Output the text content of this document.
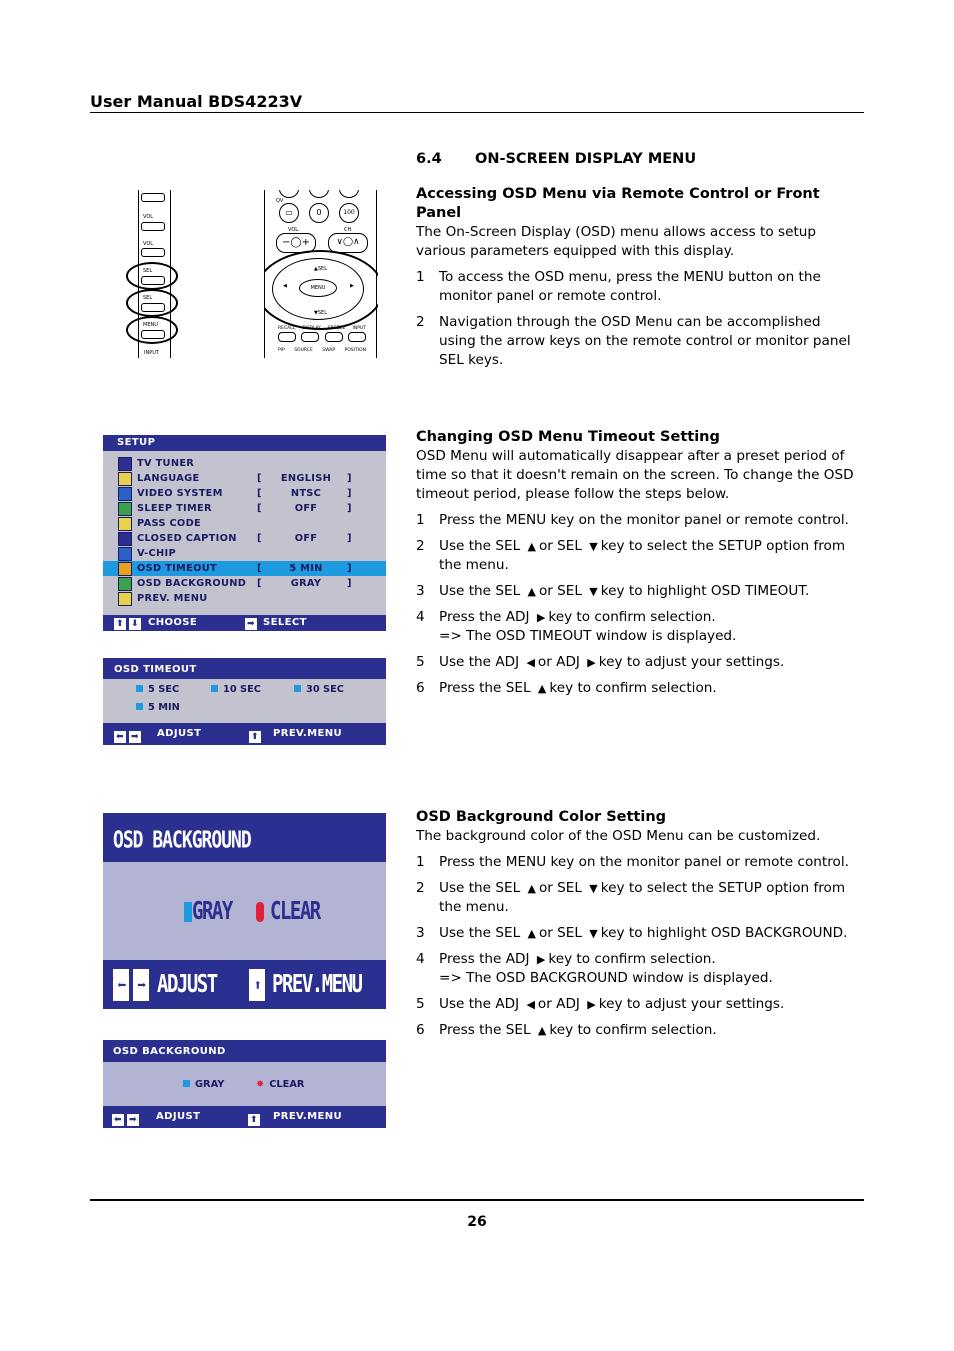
User Manual BDS4223V
6.4 ON-SCREEN DISPLAY MENU

Accessing OSD Menu via Remote Control or Front Panel

The On-Screen Display (OSD) menu allows access to setup various parameters equipped with this display.

1 To access the OSD menu, press the MENU button on the monitor panel or remote control.
2 Navigation through the OSD Menu can be accomplished using the arrow keys on the remote control or monitor panel SEL keys.
VOL
VOL
SEL
SEL
MENU
INPUT
QV
▭	0	100
VOL.	CH.
−◯+	∨◯∧
▲SEL
▼SEL
◀	▶
MENU
RECALL DISPLAY FREEZE INPUT
PIP SOURCE SWAP POSITION
SETUP
TV TUNER
LANGUAGE	[	ENGLISH	]
VIDEO SYSTEM	[	NTSC	]
SLEEP TIMER	[	OFF	]
PASS CODE
CLOSED CAPTION	[	OFF	]
V-CHIP
OSD TIMEOUT	[	5 MIN	]
OSD BACKGROUND	[	GRAY	]
PREV. MENU
⬆ ⬇ CHOOSE	➡ SELECT
OSD TIMEOUT
5 SEC	10 SEC	30 SEC
5 MIN
⬅ ➡	ADJUST	⬆	PREV.MENU

Changing OSD Menu Timeout Setting

OSD Menu will automatically disappear after a preset period of time so that it doesn't remain on the screen. To change the OSD timeout period, please follow the steps below.

1 Press the MENU key on the monitor panel or remote control.
2 Use the SEL ▲ or SEL ▼ key to select the SETUP option from the menu.
3 Use the SEL ▲ or SEL ▼ key to highlight OSD TIMEOUT.
4 Press the ADJ ▶ key to confirm selection.
=> The OSD TIMEOUT window is displayed.
5 Use the ADJ ◀ or ADJ ▶ key to adjust your settings.
6 Press the SEL ▲ key to confirm selection.
OSD BACKGROUND
GRAY	CLEAR
⬅ ➡ ADJUST ⬆ PREV.MENU
OSD BACKGROUND
GRAY	✸ CLEAR
⬅ ➡	ADJUST	⬆	PREV.MENU

OSD Background Color Setting

The background color of the OSD Menu can be customized.

1 Press the MENU key on the monitor panel or remote control.
2 Use the SEL ▲ or SEL ▼ key to select the SETUP option from the menu.
3 Use the SEL ▲ or SEL ▼ key to highlight OSD BACKGROUND.
4 Press the ADJ ▶ key to confirm selection.
=> The OSD BACKGROUND window is displayed.
5 Use the ADJ ◀ or ADJ ▶ key to adjust your settings.
6 Press the SEL ▲ key to confirm selection.
26
